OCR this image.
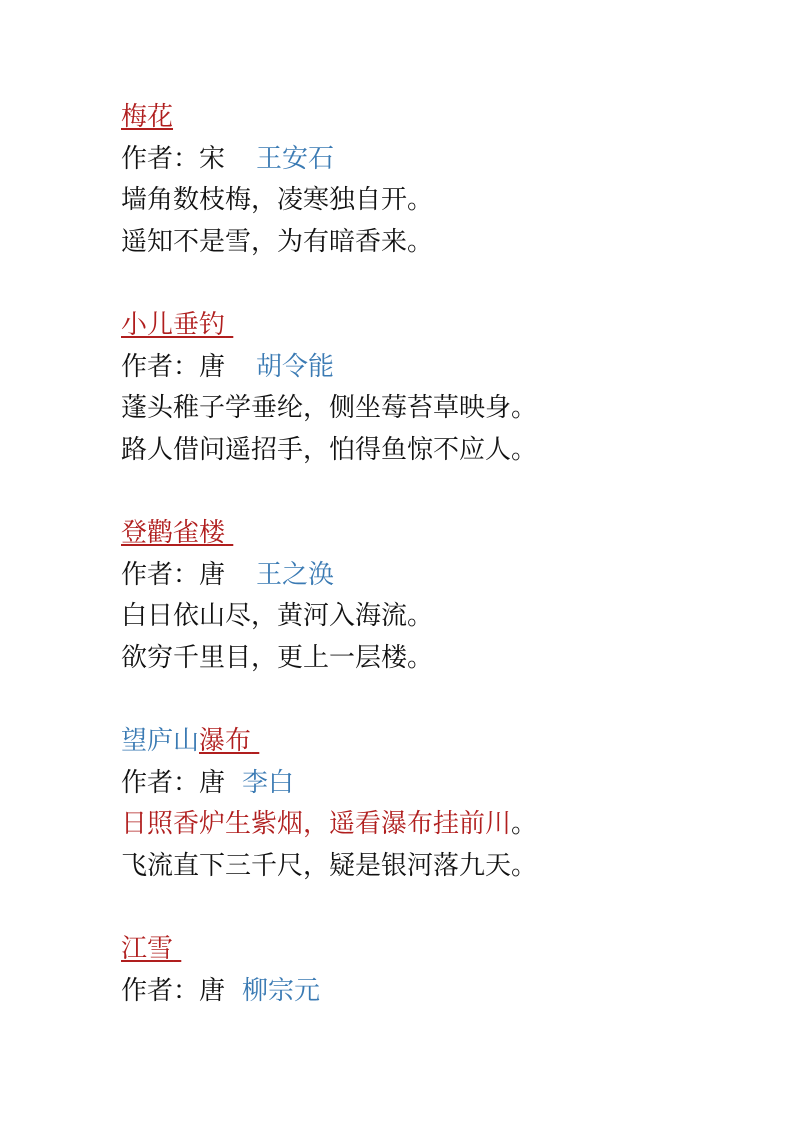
梅花
作者：宋 王安石
墙角数枝梅，凌寒独自开。
遥知不是雪，为有暗香来。
小儿垂钓
作者：唐 胡令能
蓬头稚子学垂纶，侧坐莓苔草映身。
路人借问遥招手，怕得鱼惊不应人。
登鹳雀楼
作者：唐 王之涣
白日依山尽，黄河入海流。
欲穷千里目，更上一层楼。
望庐山瀑布
作者：唐 李白
日照香炉生紫烟，遥看瀑布挂前川。
飞流直下三千尺，疑是银河落九天。
江雪
作者：唐 柳宗元
